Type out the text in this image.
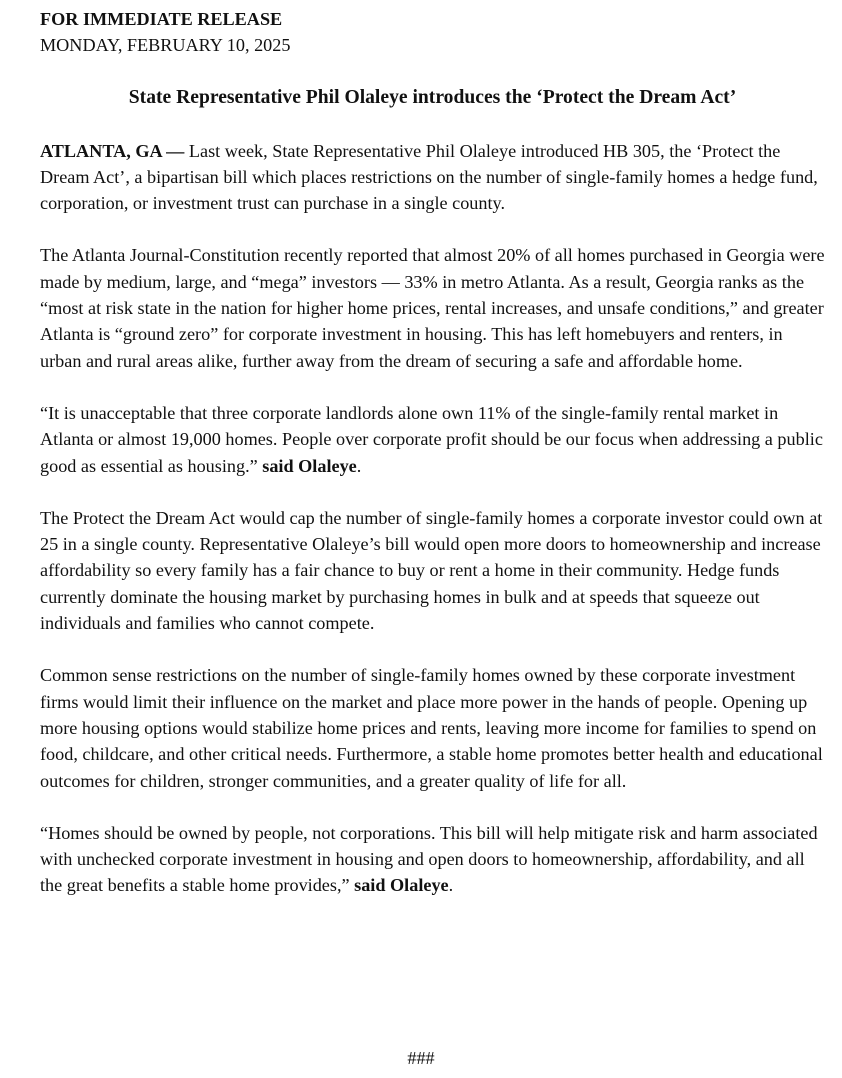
FOR IMMEDIATE RELEASE

MONDAY, FEBRUARY 10, 2025

State Representative Phil Olaleye introduces the ‘Protect the Dream Act’

ATLANTA, GA — Last week, State Representative Phil Olaleye introduced HB 305, the ‘Protect the Dream Act’, a bipartisan bill which places restrictions on the number of single-family homes a hedge fund, corporation, or investment trust can purchase in a single county.

The Atlanta Journal-Constitution recently reported that almost 20% of all homes purchased in Georgia were made by medium, large, and “mega” investors — 33% in metro Atlanta. As a result, Georgia ranks as the “most at risk state in the nation for higher home prices, rental increases, and unsafe conditions,” and greater Atlanta is “ground zero” for corporate investment in housing. This has left homebuyers and renters, in urban and rural areas alike, further away from the dream of securing a safe and affordable home.

“It is unacceptable that three corporate landlords alone own 11% of the single-family rental market in Atlanta or almost 19,000 homes. People over corporate profit should be our focus when addressing a public good as essential as housing.” said Olaleye.

The Protect the Dream Act would cap the number of single-family homes a corporate investor could own at 25 in a single county. Representative Olaleye’s bill would open more doors to homeownership and increase affordability so every family has a fair chance to buy or rent a home in their community. Hedge funds currently dominate the housing market by purchasing homes in bulk and at speeds that squeeze out individuals and families who cannot compete.

Common sense restrictions on the number of single-family homes owned by these corporate investment firms would limit their influence on the market and place more power in the hands of people. Opening up more housing options would stabilize home prices and rents, leaving more income for families to spend on food, childcare, and other critical needs. Furthermore, a stable home promotes better health and educational outcomes for children, stronger communities, and a greater quality of life for all.

“Homes should be owned by people, not corporations. This bill will help mitigate risk and harm associated with unchecked corporate investment in housing and open doors to homeownership, affordability, and all the great benefits a stable home provides,” said Olaleye.

###
